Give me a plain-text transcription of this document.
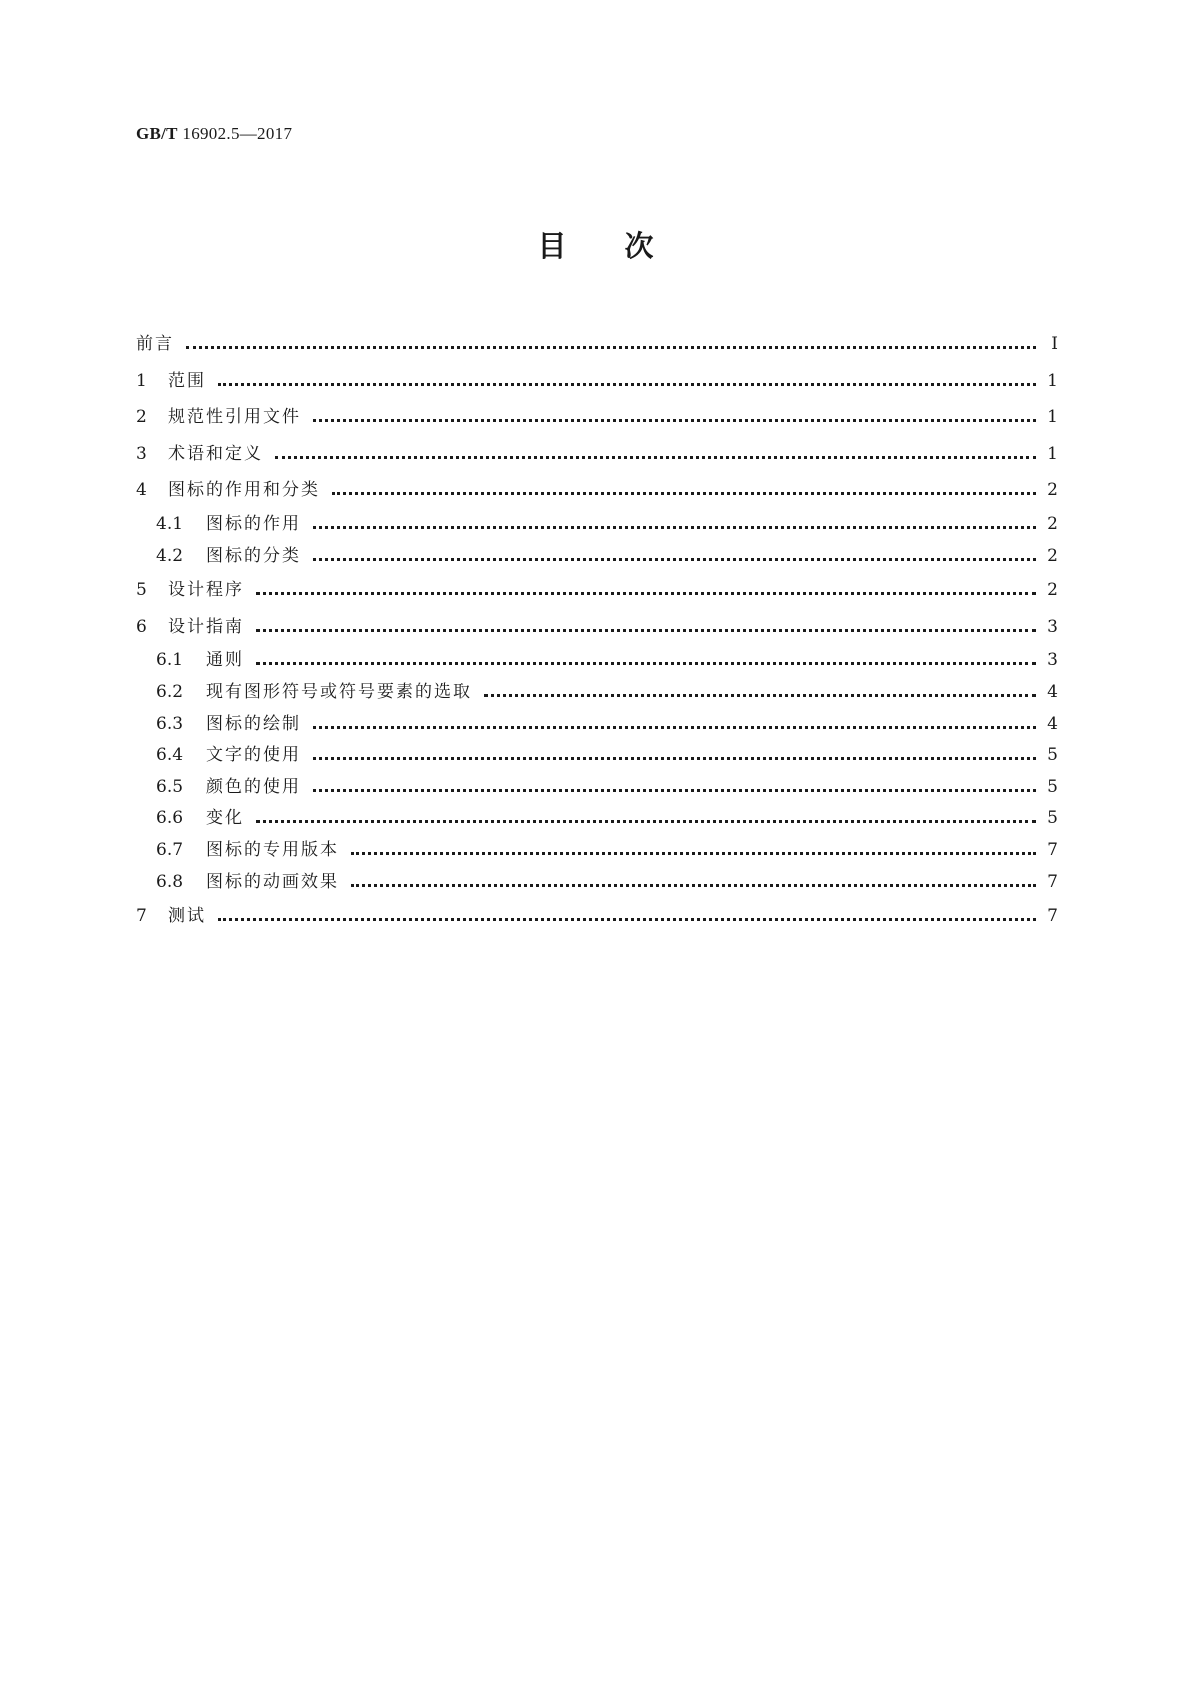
GB/T 16902.5—2017
目次
前言	Ⅰ
1	范围	1
2	规范性引用文件	1
3	术语和定义	1
4	图标的作用和分类	2
4.1	图标的作用	2
4.2	图标的分类	2
5	设计程序	2
6	设计指南	3
6.1	通则	3
6.2	现有图形符号或符号要素的选取	4
6.3	图标的绘制	4
6.4	文字的使用	5
6.5	颜色的使用	5
6.6	变化	5
6.7	图标的专用版本	7
6.8	图标的动画效果	7
7	测试	7
